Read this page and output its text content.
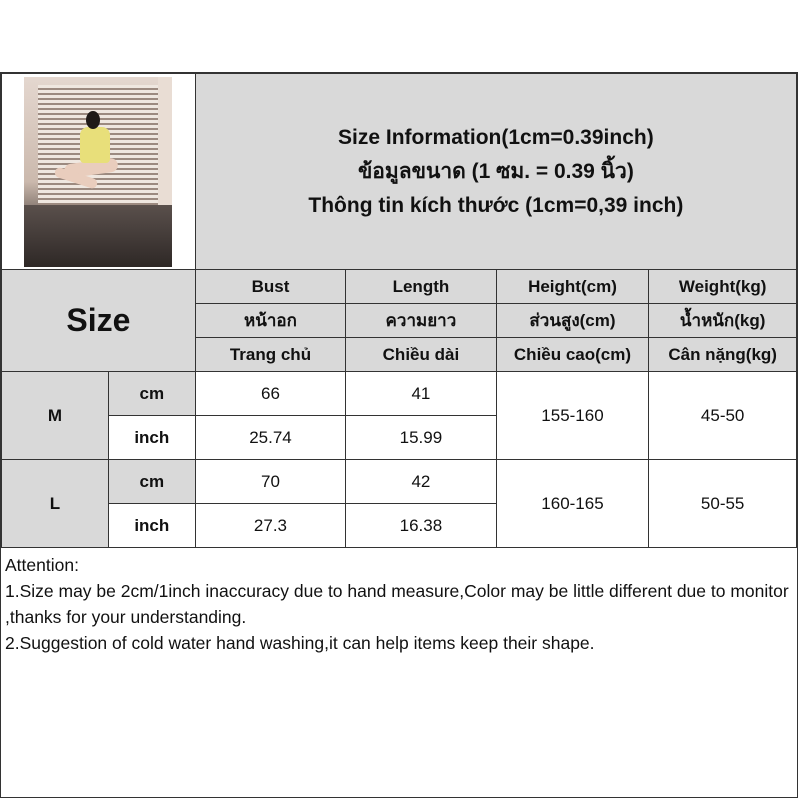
		Size Information(1cm=0.39inch)
ข้อมูลขนาด (1 ซม. = 0.39 นิ้ว)
Thông tin kích thước (1cm=0,39 inch)			

Size		Bust	Length	Height(cm)	Weight(kg)
		หน้าอก	ความยาว	ส่วนสูง(cm)	น้ำหนัก(kg)
		Trang chủ	Chiều dài	Chiều cao(cm)	Cân nặng(kg)
M	cm	66	41	155-160	45-50
	inch	25.74	15.99		
L	cm	70	42	160-165	50-55
	inch	27.3	16.38		
Attention:
1.Size may be 2cm/1inch inaccuracy due to hand measure,Color may be little different due to monitor ,thanks for your understanding.
2.Suggestion of cold water hand washing,it can help items keep their shape.
